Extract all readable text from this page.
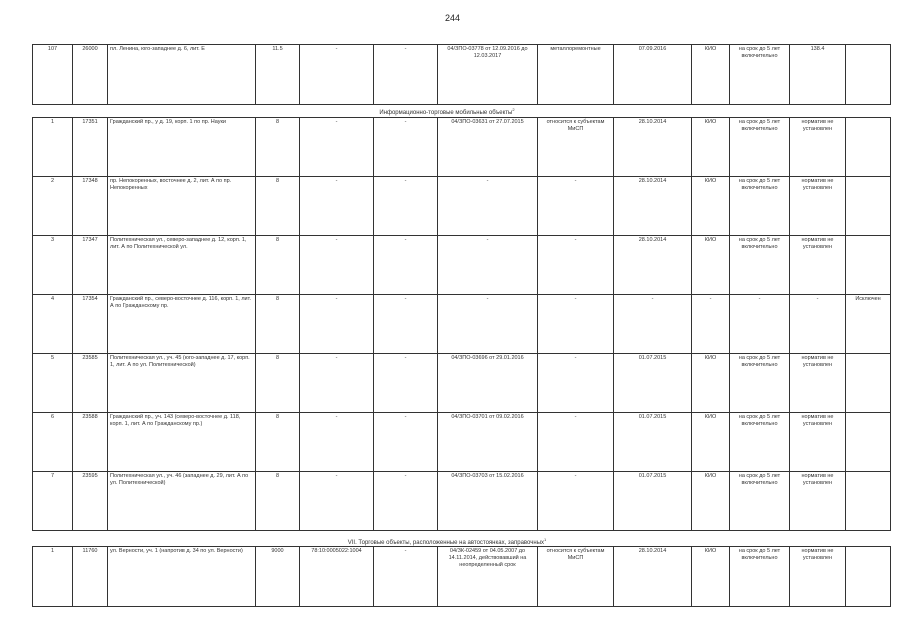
244
107	26000	пл. Ленина, юго-западнее д. 6, лит. Е	11.5	-	-	04/ЗПО-03778 от 12.09.2016 до 12.03.2017	металлоремонтные	07.09.2016	КИО	на срок до 5 лет включительно	138.4	
Информационно-торговые мобильные объекты$^2$
1	17351	Гражданский пр., у д. 19, корп. 1 по пр. Науки	8	-	-	04/ЗПО-03631 от 27.07.2015	относится к субъектам МиСП	28.10.2014	КИО	на срок до 5 лет включительно	норматив не установлен	
2	17348	пр. Непокоренных, восточнее д. 2, лит. А по пр. Непокоренных	8	-	-	-	-	28.10.2014	КИО	на срок до 5 лет включительно	норматив не установлен	
3	17347	Политехническая ул., северо-западнее д. 12, корп. 1, лит. А по Политехнической ул.	8	-	-	-	-	28.10.2014	КИО	на срок до 5 лет включительно	норматив не установлен	
4	17354	Гражданский пр., северо-восточнее д. 116, корп. 1, лит. А по Гражданскому пр.	8	-	-	-	-	-	-	-	-	Исключен
5	23585	Политехническая ул., уч. 45 (юго-западнее д. 17, корп. 1, лит. А по ул. Политехнической)	8	-	-	04/ЗПО-03696 от 29.01.2016	-	01.07.2015	КИО	на срок до 5 лет включительно	норматив не установлен	
6	23588	Гражданский пр., уч. 143 (северо-восточнее д. 118, корп. 1, лит. А по Гражданскому пр.)	8	-	-	04/ЗПО-03701 от 09.02.2016	-	01.07.2015	КИО	на срок до 5 лет включительно	норматив не установлен	
7	23595	Политехническая ул., уч. 46 (западнее д. 29, лит. А по ул. Политехнической)	8	-	-	04/ЗПО-03703 от 15.02.2016	-	01.07.2015	КИО	на срок до 5 лет включительно	норматив не установлен	
VII. Торговые объекты, расположенные на автостоянках, заправочных$^1$
1	11760	ул. Верности, уч. 1 (напротив д. 34 по ул. Верности)	9000	78:10:0005022:1004	-	04/ЗК-02459 от 04.05.2007 до 14.11.2014, действовавший на неопределенный срок	относится к субъектам МиСП	28.10.2014	КИО	на срок до 5 лет включительно	норматив не установлен	
